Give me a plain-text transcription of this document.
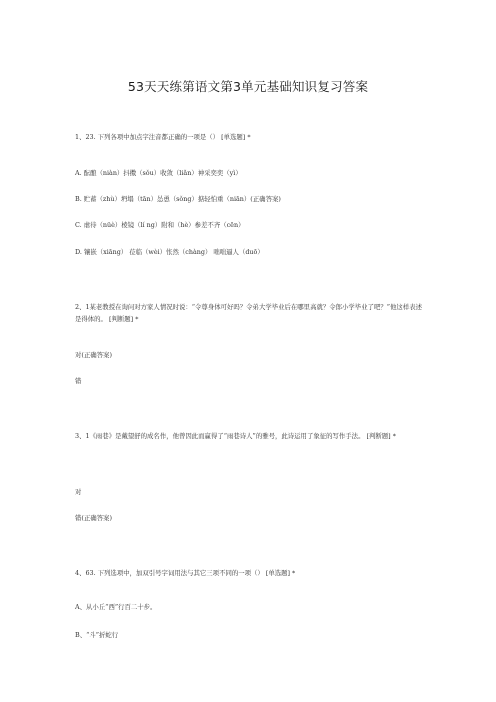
53天天练第语文第3单元基础知识复习答案
1、23. 下列各项中加点字注音都正确的一项是（） [单选题] *
A. 酝酿（niàn）抖擞（sǒu）收敛（liǎn）神采奕奕（yì）
B. 贮蓄（zhù）坍塌（tān）怂恿（sǒng）掂轻怕重（niān）(正确答案)
C. 虐待（nüè）棱镜（lí ng）附和（hè）参差不齐（cēn）
D. 镶嵌（xiāng） 莅临（wèi）怅然（chàng） 咄咄逼人（duō）
2、1某老教授在询问对方家人情况时说：“令尊身体可好吗？令弟大学毕业后在哪里高就？令郎小学毕业了吧？”他这样表述是得体的。 [判断题] *
对(正确答案)
错
3、1《雨巷》是戴望舒的成名作，他曾因此而赢得了“雨巷诗人”的雅号，此诗运用了象征的写作手法。 [判断题] *
对
错(正确答案)
4、63. 下列选项中，加双引号字词用法与其它三项不同的一项（） [单选题] *
A、从小丘“西”行百二十步。
B、“斗”折蛇行
